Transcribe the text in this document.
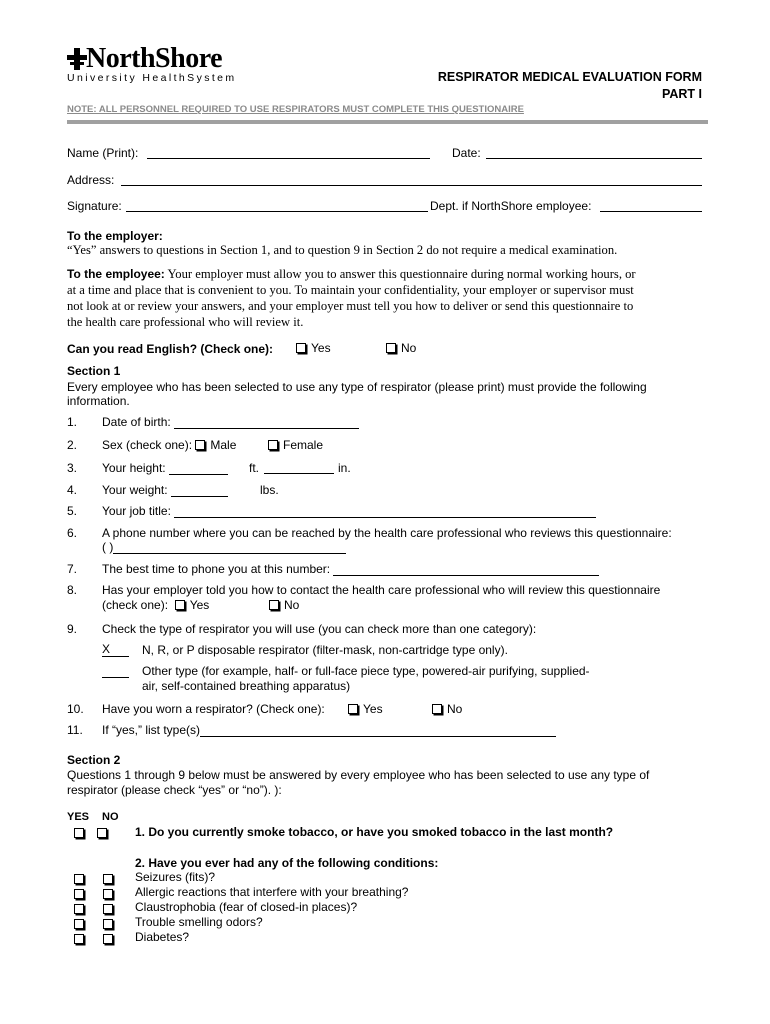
NorthShore
University HealthSystem	RESPIRATOR MEDICAL EVALUATION FORM
PART I
NOTE: ALL PERSONNEL REQUIRED TO USE RESPIRATORS MUST COMPLETE THIS QUESTIONAIRE
Name (Print):	Date:
Address:
Signature:	Dept. if NorthShore employee:
To the employer:
“Yes” answers to questions in Section 1, and to question 9 in Section 2 do not require a medical examination.
To the employee: Your employer must allow you to answer this questionnaire during normal working hours, or
at a time and place that is convenient to you. To maintain your confidentiality, your employer or supervisor must
not look at or review your answers, and your employer must tell you how to deliver or send this questionnaire to
the health care professional who will review it.
Can you read English? (Check one):	Yes	No
Section 1
Every employee who has been selected to use any type of respirator (please print) must provide the following
information.
1. Date of birth:
2. Sex (check one): Male	Female
3. Your height:	ft.	in.
4. Your weight:	lbs.
5. Your job title:
6. A phone number where you can be reached by the health care professional who reviews this questionnaire:
( )
7. The best time to phone you at this number:
8. Has your employer told you how to contact the health care professional who will review this questionnaire
(check one): Yes	No
9. Check the type of respirator you will use (you can check more than one category):
X	N, R, or P disposable respirator (filter-mask, non-cartridge type only).
Other type (for example, half- or full-face piece type, powered-air purifying, supplied-
air, self-contained breathing apparatus)
10. Have you worn a respirator? (Check one):	Yes	No
11. If “yes,” list type(s)
Section 2
Questions 1 through 9 below must be answered by every employee who has been selected to use any type of
respirator (please check “yes” or “no”). ):
YES NO
1. Do you currently smoke tobacco, or have you smoked tobacco in the last month?
2. Have you ever had any of the following conditions:
Seizures (fits)?
Allergic reactions that interfere with your breathing?
Claustrophobia (fear of closed-in places)?
Trouble smelling odors?
Diabetes?
